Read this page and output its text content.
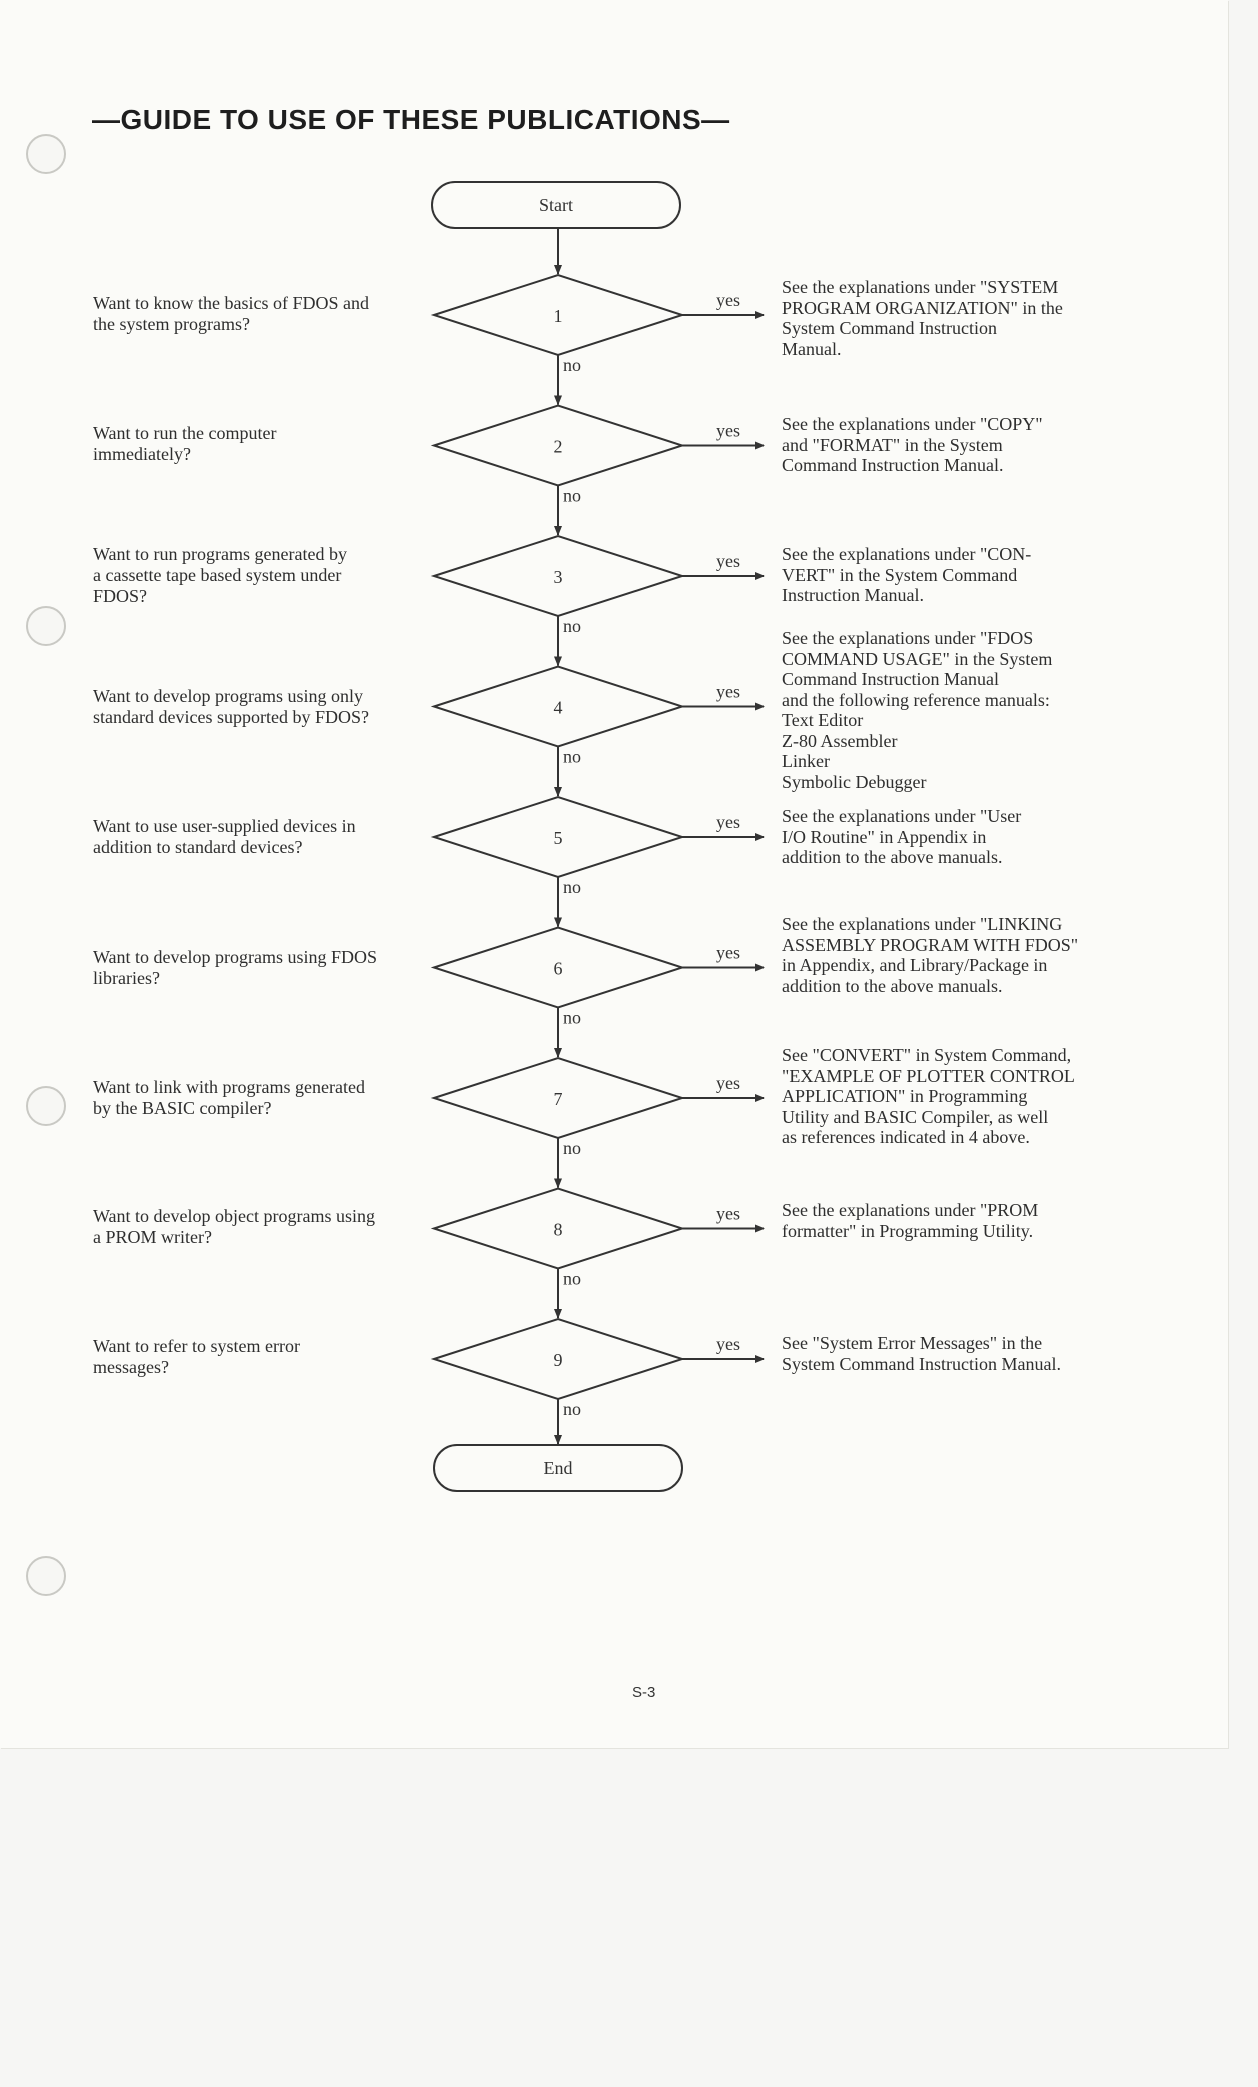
—GUIDE TO USE OF THESE PUBLICATIONS—
Start
End
1
yes
no
2
yes
no
3
yes
no
4
yes
no
5
yes
no
6
yes
no
7
yes
no
8
yes
no
9
yes
no
Want to know the basics of FDOS and
the system programs?
Want to run the computer
immediately?
Want to run programs generated by
a cassette tape based system under
FDOS?
Want to develop programs using only
standard devices supported by FDOS?
Want to use user-supplied devices in
addition to standard devices?
Want to develop programs using FDOS
libraries?
Want to link with programs generated
by the BASIC compiler?
Want to develop object programs using
a PROM writer?
Want to refer to system error
messages?
See the explanations under "SYSTEM
PROGRAM ORGANIZATION" in the
System Command Instruction
Manual.
See the explanations under "COPY"
and "FORMAT" in the System
Command Instruction Manual.
See the explanations under "CON-
VERT" in the System Command
Instruction Manual.
See the explanations under "FDOS
COMMAND USAGE" in the System
Command Instruction Manual
and the following reference manuals:
Text Editor
Z-80 Assembler
Linker
Symbolic Debugger
See the explanations under "User
I/O Routine" in Appendix in
addition to the above manuals.
See the explanations under "LINKING
ASSEMBLY PROGRAM WITH FDOS"
in Appendix, and Library/Package in
addition to the above manuals.
See "CONVERT" in System Command,
"EXAMPLE OF PLOTTER CONTROL
APPLICATION" in Programming
Utility and BASIC Compiler, as well
as references indicated in 4 above.
See the explanations under "PROM
formatter" in Programming Utility.
See "System Error Messages" in the
System Command Instruction Manual.
S-3
